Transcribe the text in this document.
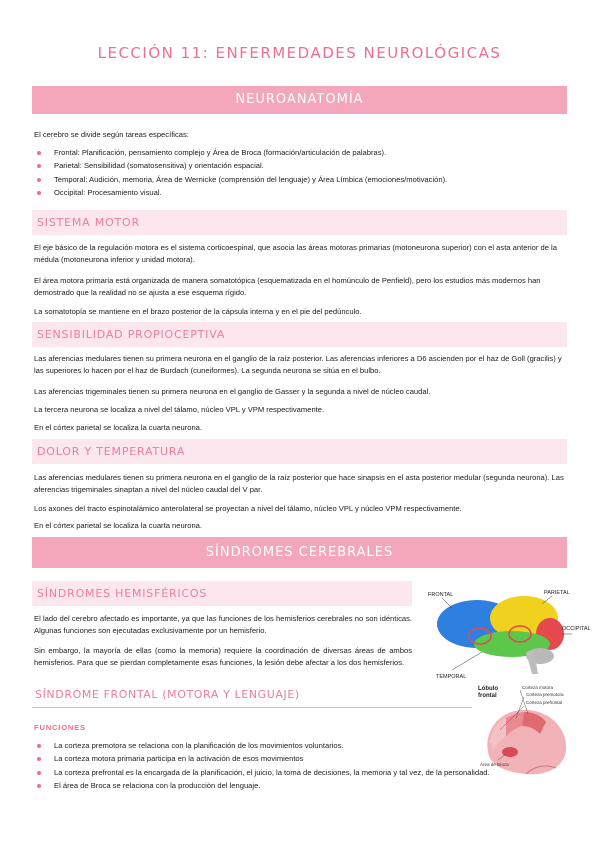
LECCIÓN 11: ENFERMEDADES NEUROLÓGICAS
NEUROANATOMÍA

El cerebro se divide según tareas específicas:

Frontal: Planificación, pensamiento complejo y Área de Broca (formación/articulación de palabras).
Parietal: Sensibilidad (somatosensitiva) y orientación espacial.
Temporal: Audición, memoria, Área de Wernicke (comprensión del lenguaje) y Área Límbica (emociones/motivación).
Occipital: Procesamiento visual.
SISTEMA MOTOR

El eje básico de la regulación motora es el sistema corticoespinal, que asocia las áreas motoras primarias (motoneurona superior) con el asta anterior de la médula (motoneurona inferior y unidad motora).

El área motora primaria está organizada de manera somatotópica (esquematizada en el homúnculo de Penfield), pero los estudios más modernos han demostrado que la realidad no se ajusta a ese esquema rígido.

La somatotopía se mantiene en el brazo posterior de la cápsula interna y en el pie del pedúnculo.

SENSIBILIDAD PROPIOCEPTIVA

Las aferencias medulares tienen su primera neurona en el ganglio de la raíz posterior. Las aferencias inferiores a D6 ascienden por el haz de Goll (gracilis) y las superiores lo hacen por el haz de Burdach (cuneiformes). La segunda neurona se sitúa en el bulbo.

Las aferencias trigeminales tienen su primera neurona en el ganglio de Gasser y la segunda a nivel de núcleo caudal.

La tercera neurona se localiza a nivel del tálamo, núcleo VPL y VPM respectivamente.

En el córtex parietal se localiza la cuarta neurona.

DOLOR Y TEMPERATURA

Las aferencias medulares tienen su primera neurona en el ganglio de la raíz posterior que hace sinapsis en el asta posterior medular (segunda neurona). Las aferencias trigeminales sinaptan a nivel del núcleo caudal del V par.

Los axones del tracto espinotalámico anterolateral se proyectan a nivel del tálamo, núcleo VPL y núcleo VPM respectivamente.

En el córtex parietal se localiza la cuarta neurona.

SÍNDROMES CEREBRALES
SÍNDROMES HEMISFÉRICOS

El lado del cerebro afectado es importante, ya que las funciones de los hemisferios cerebrales no son idénticas. Algunas funciones son ejecutadas exclusivamente por un hemisferio.

Sin embargo, la mayoría de ellas (como la memoria) requiere la coordinación de diversas áreas de ambos hemisferios. Para que se pierdan completamente esas funciones, la lesión debe afectar a los dos hemisferios.

SÍNDROME FRONTAL (MOTORA Y LENGUAJE)
FUNCIONES
La corteza premotora se relaciona con la planificación de los movimientos voluntarios.
La corteza motora primaria participa en la activación de esos movimientos
La corteza prefrontal es la encargada de la planificación, el juicio, la toma de decisiones, la memoria y tal vez, de la personalidad.
El área de Broca se relaciona con la producción del lenguaje.
FRONTAL	PARIETAL
OCCIPITAL
TEMPORAL
Lóbulo
frontal
Corteza motora
Corteza premotora
Corteza prefrontal
Área de Broca
